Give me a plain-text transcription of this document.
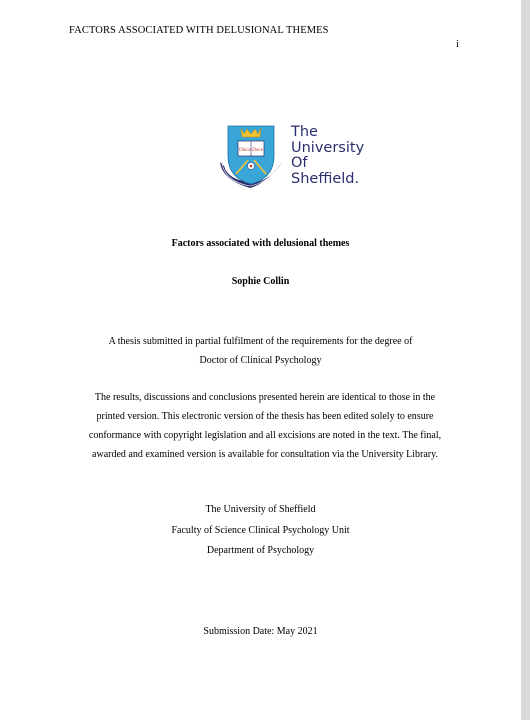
FACTORS ASSOCIATED WITH DELUSIONAL THEMES
i
Disce Doce
The
University
Of
Sheffield.
Factors associated with delusional themes
Sophie Collin
A thesis submitted in partial fulfilment of the requirements for the degree of
Doctor of Clinical Psychology
The results, discussions and conclusions presented herein are identical to those in the
printed version. This electronic version of the thesis has been edited solely to ensure
conformance with copyright legislation and all excisions are noted in the text. The final,
awarded and examined version is available for consultation via the University Library.
The University of Sheffield
Faculty of Science Clinical Psychology Unit
Department of Psychology
Submission Date: May 2021
